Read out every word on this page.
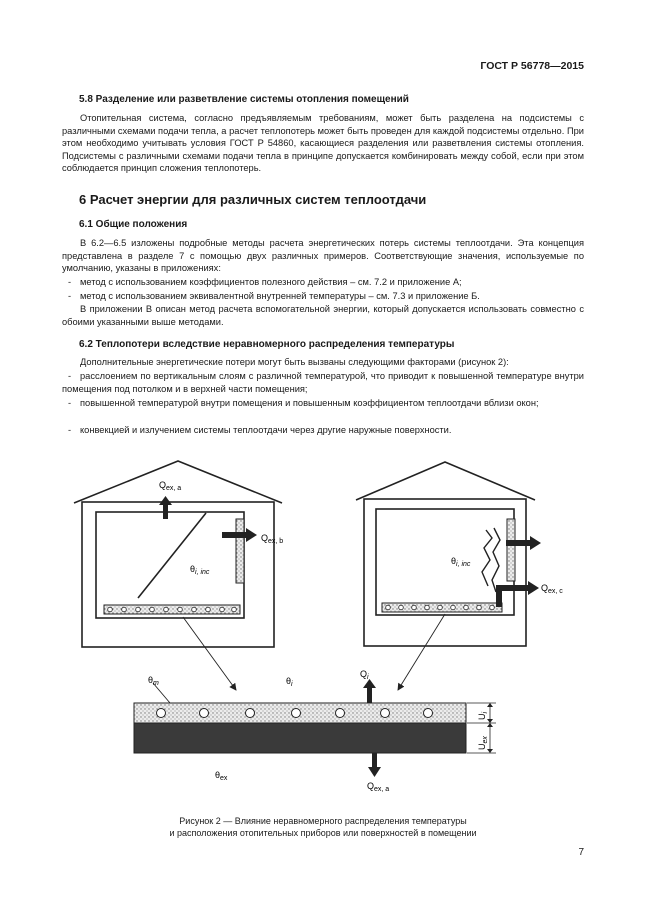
ГОСТ Р 56778—2015
5.8 Разделение или разветвление системы отопления помещений
Отопительная система, согласно предъявляемым требованиям, может быть разделена на подсистемы с различными схемами подачи тепла, а расчет теплопотерь может быть проведен для каждой подсистемы отдельно. При этом необходимо учитывать условия ГОСТ Р 54860, касающиеся разделения или разветвления системы отопления. Подсистемы с различными схемами подачи тепла в принципе допускается комбинировать между собой, если при этом соблюдается принцип сложения теплопотерь.
6 Расчет энергии для различных систем теплоотдачи
6.1 Общие положения
В 6.2—6.5 изложены подробные методы расчета энергетических потерь системы теплоотдачи. Эта концепция представлена в разделе 7 с помощью двух различных примеров. Соответствующие значения, используемые по умолчанию, указаны в приложениях:
- метод с использованием коэффициентов полезного действия – см. 7.2 и приложение А;
- метод с использованием эквивалентной внутренней температуры – см. 7.3 и приложение Б.
В приложении В описан метод расчета вспомогательной энергии, который допускается использовать совместно с обоими указанными выше методами.
6.2 Теплопотери вследствие неравномерного распределения температуры
Дополнительные энергетические потери могут быть вызваны следующими факторами (рисунок 2):
- расслоением по вертикальным слоям с различной температурой, что приводит к повышенной температуре внутри помещения под потолком и в верхней части помещения;
- повышенной температурой внутри помещения и повышенным коэффициентом теплоотдачи вблизи окон;
- конвекцией и излучением системы теплоотдачи через другие наружные поверхности.
$Q_{ex, a}$
$Q_{ex, b}$
$\theta_{i, inc}$
$\theta_{i, inc}$
$Q_{ex, c}$
$\theta_m$	$\theta_i$
$Q_i$
$U_i$
$U_{ex}$
$\theta_{ex}$
$Q_{ex, a}$
Рисунок 2 — Влияние неравномерного распределения температуры
и расположения отопительных приборов или поверхностей в помещении
7
